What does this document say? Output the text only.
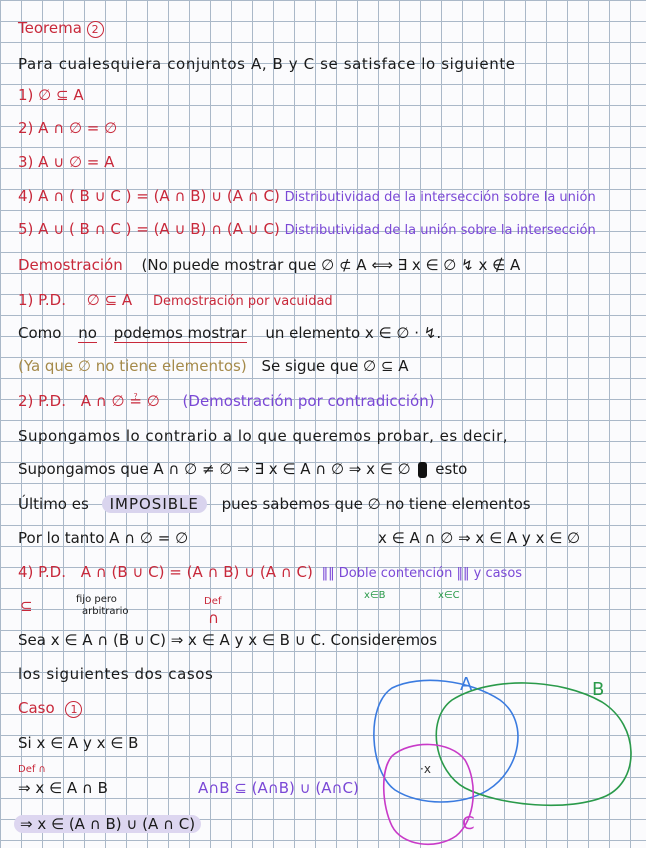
Teorema 2
Para cualesquiera conjuntos A, B y C se satisface lo siguiente
1) ∅ ⊆ A
2) A ∩ ∅ = ∅
3) A ∪ ∅ = A
4) A ∩ ( B ∪ C ) = (A ∩ B) ∪ (A ∩ C) Distributividad de la intersección sobre la unión
5) A ∪ ( B ∩ C ) = (A ∪ B) ∩ (A ∪ C) Distributividad de la unión sobre la intersección
Demostración (No puede mostrar que ∅ ⊄ A ⟺ ∃ x ∈ ∅ ↯ x ∉ A
1) P.D. ∅ ⊆ A Demostración por vacuidad
Como no podemos mostrar un elemento x ∈ ∅ · ↯.
(Ya que ∅ no tiene elementos) Se sigue que ∅ ⊆ A
2) P.D. A ∩ ∅ ≟ ∅ (Demostración por contradicción)
Supongamos lo contrario a lo que queremos probar, es decir,
Supongamos que A ∩ ∅ ≠ ∅ ⇒ ∃ x ∈ A ∩ ∅ ⇒ x ∈ ∅ esto
Último es IMPOSIBLE pues sabemos que ∅ no tiene elementos
Por lo tanto A ∩ ∅ = ∅	x ∈ A ∩ ∅ ⇒ x ∈ A y x ∈ ∅
4) P.D. A ∩ (B ∪ C) = (A ∩ B) ∪ (A ∩ C) ‖‖ Doble contención ‖‖ y casos
⊆	fijo pero
arbitrario
Def
∩
x∈B	x∈C
Sea x ∈ A ∩ (B ∪ C) ⇒ x ∈ A y x ∈ B ∪ C. Consideremos
los siguientes dos casos
Caso 1
Si x ∈ A y x ∈ B
Def ∩
⇒ x ∈ A ∩ B	A∩B ⊆ (A∩B) ∪ (A∩C)
⇒ x ∈ (A ∩ B) ∪ (A ∩ C)
A	B
C
·x
